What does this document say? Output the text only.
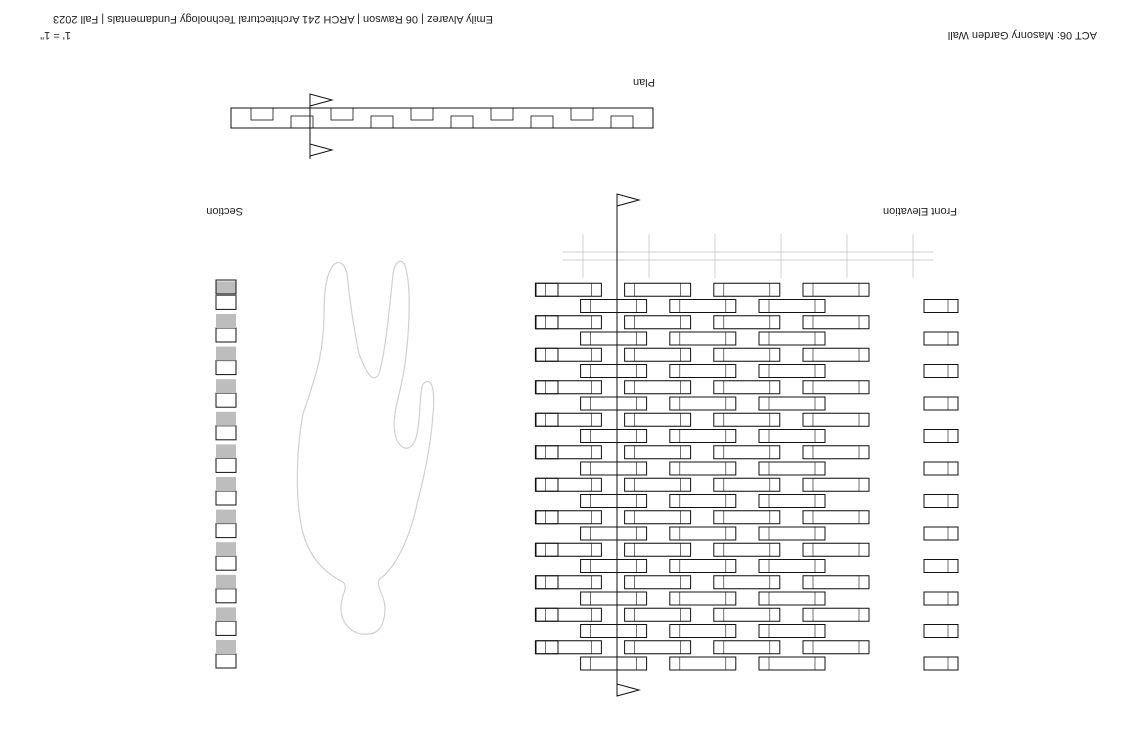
ACT 06: Masonry Garden Wall
Emily Alvarez | 06 Rawson | ARCH 241 Architectural Technology Fundamentals | Fall 2023
1' = 1"
Plan
Section	Front Elevation
